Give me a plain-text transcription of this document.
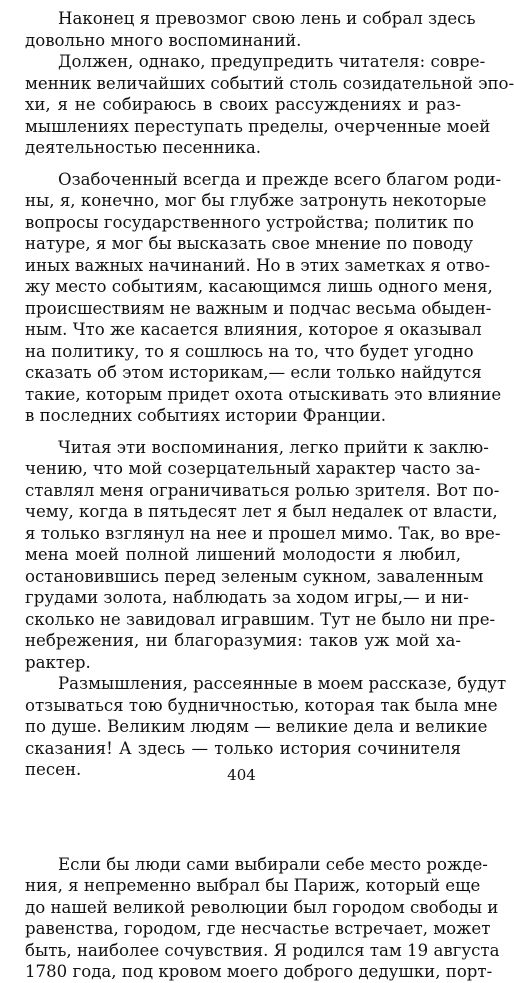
Наконец я превозмог свою лень и собрал здесь
довольно много воспоминаний.
Должен, однако, предупредить читателя: совре-
менник величайших событий столь созидательной эпо-
хи, я не собираюсь в своих рассуждениях и раз-
мышлениях переступать пределы, очерченные моей
деятельностью песенника.
Озабоченный всегда и прежде всего благом роди-
ны, я, конечно, мог бы глубже затронуть некоторые
вопросы государственного устройства; политик по
натуре, я мог бы высказать свое мнение по поводу
иных важных начинаний. Но в этих заметках я отво-
жу место событиям, касающимся лишь одного меня,
происшествиям не важным и подчас весьма обыден-
ным. Что же касается влияния, которое я оказывал
на политику, то я сошлюсь на то, что будет угодно
сказать об этом историкам,— если только найдутся
такие, которым придет охота отыскивать это влияние
в последних событиях истории Франции.
Читая эти воспоминания, легко прийти к заклю-
чению, что мой созерцательный характер часто за-
ставлял меня ограничиваться ролью зрителя. Вот по-
чему, когда в пятьдесят лет я был недалек от власти,
я только взглянул на нее и прошел мимо. Так, во вре-
мена моей полной лишений молодости я любил,
остановившись перед зеленым сукном, заваленным
грудами золота, наблюдать за ходом игры,— и ни-
сколько не завидовал игравшим. Тут не было ни пре-
небрежения, ни благоразумия: таков уж мой ха-
рактер.
Размышления, рассеянные в моем рассказе, будут
отзываться тою будничностью, которая так была мне
по душе. Великим людям — великие дела и великие
сказания! А здесь — только история сочинителя
песен.
Если бы люди сами выбирали себе место рожде-
ния, я непременно выбрал бы Париж, который еще
до нашей великой революции был городом свободы и
равенства, городом, где несчастье встречает, может
быть, наиболее сочувствия. Я родился там 19 августа
1780 года, под кровом моего доброго дедушки, порт-
404
